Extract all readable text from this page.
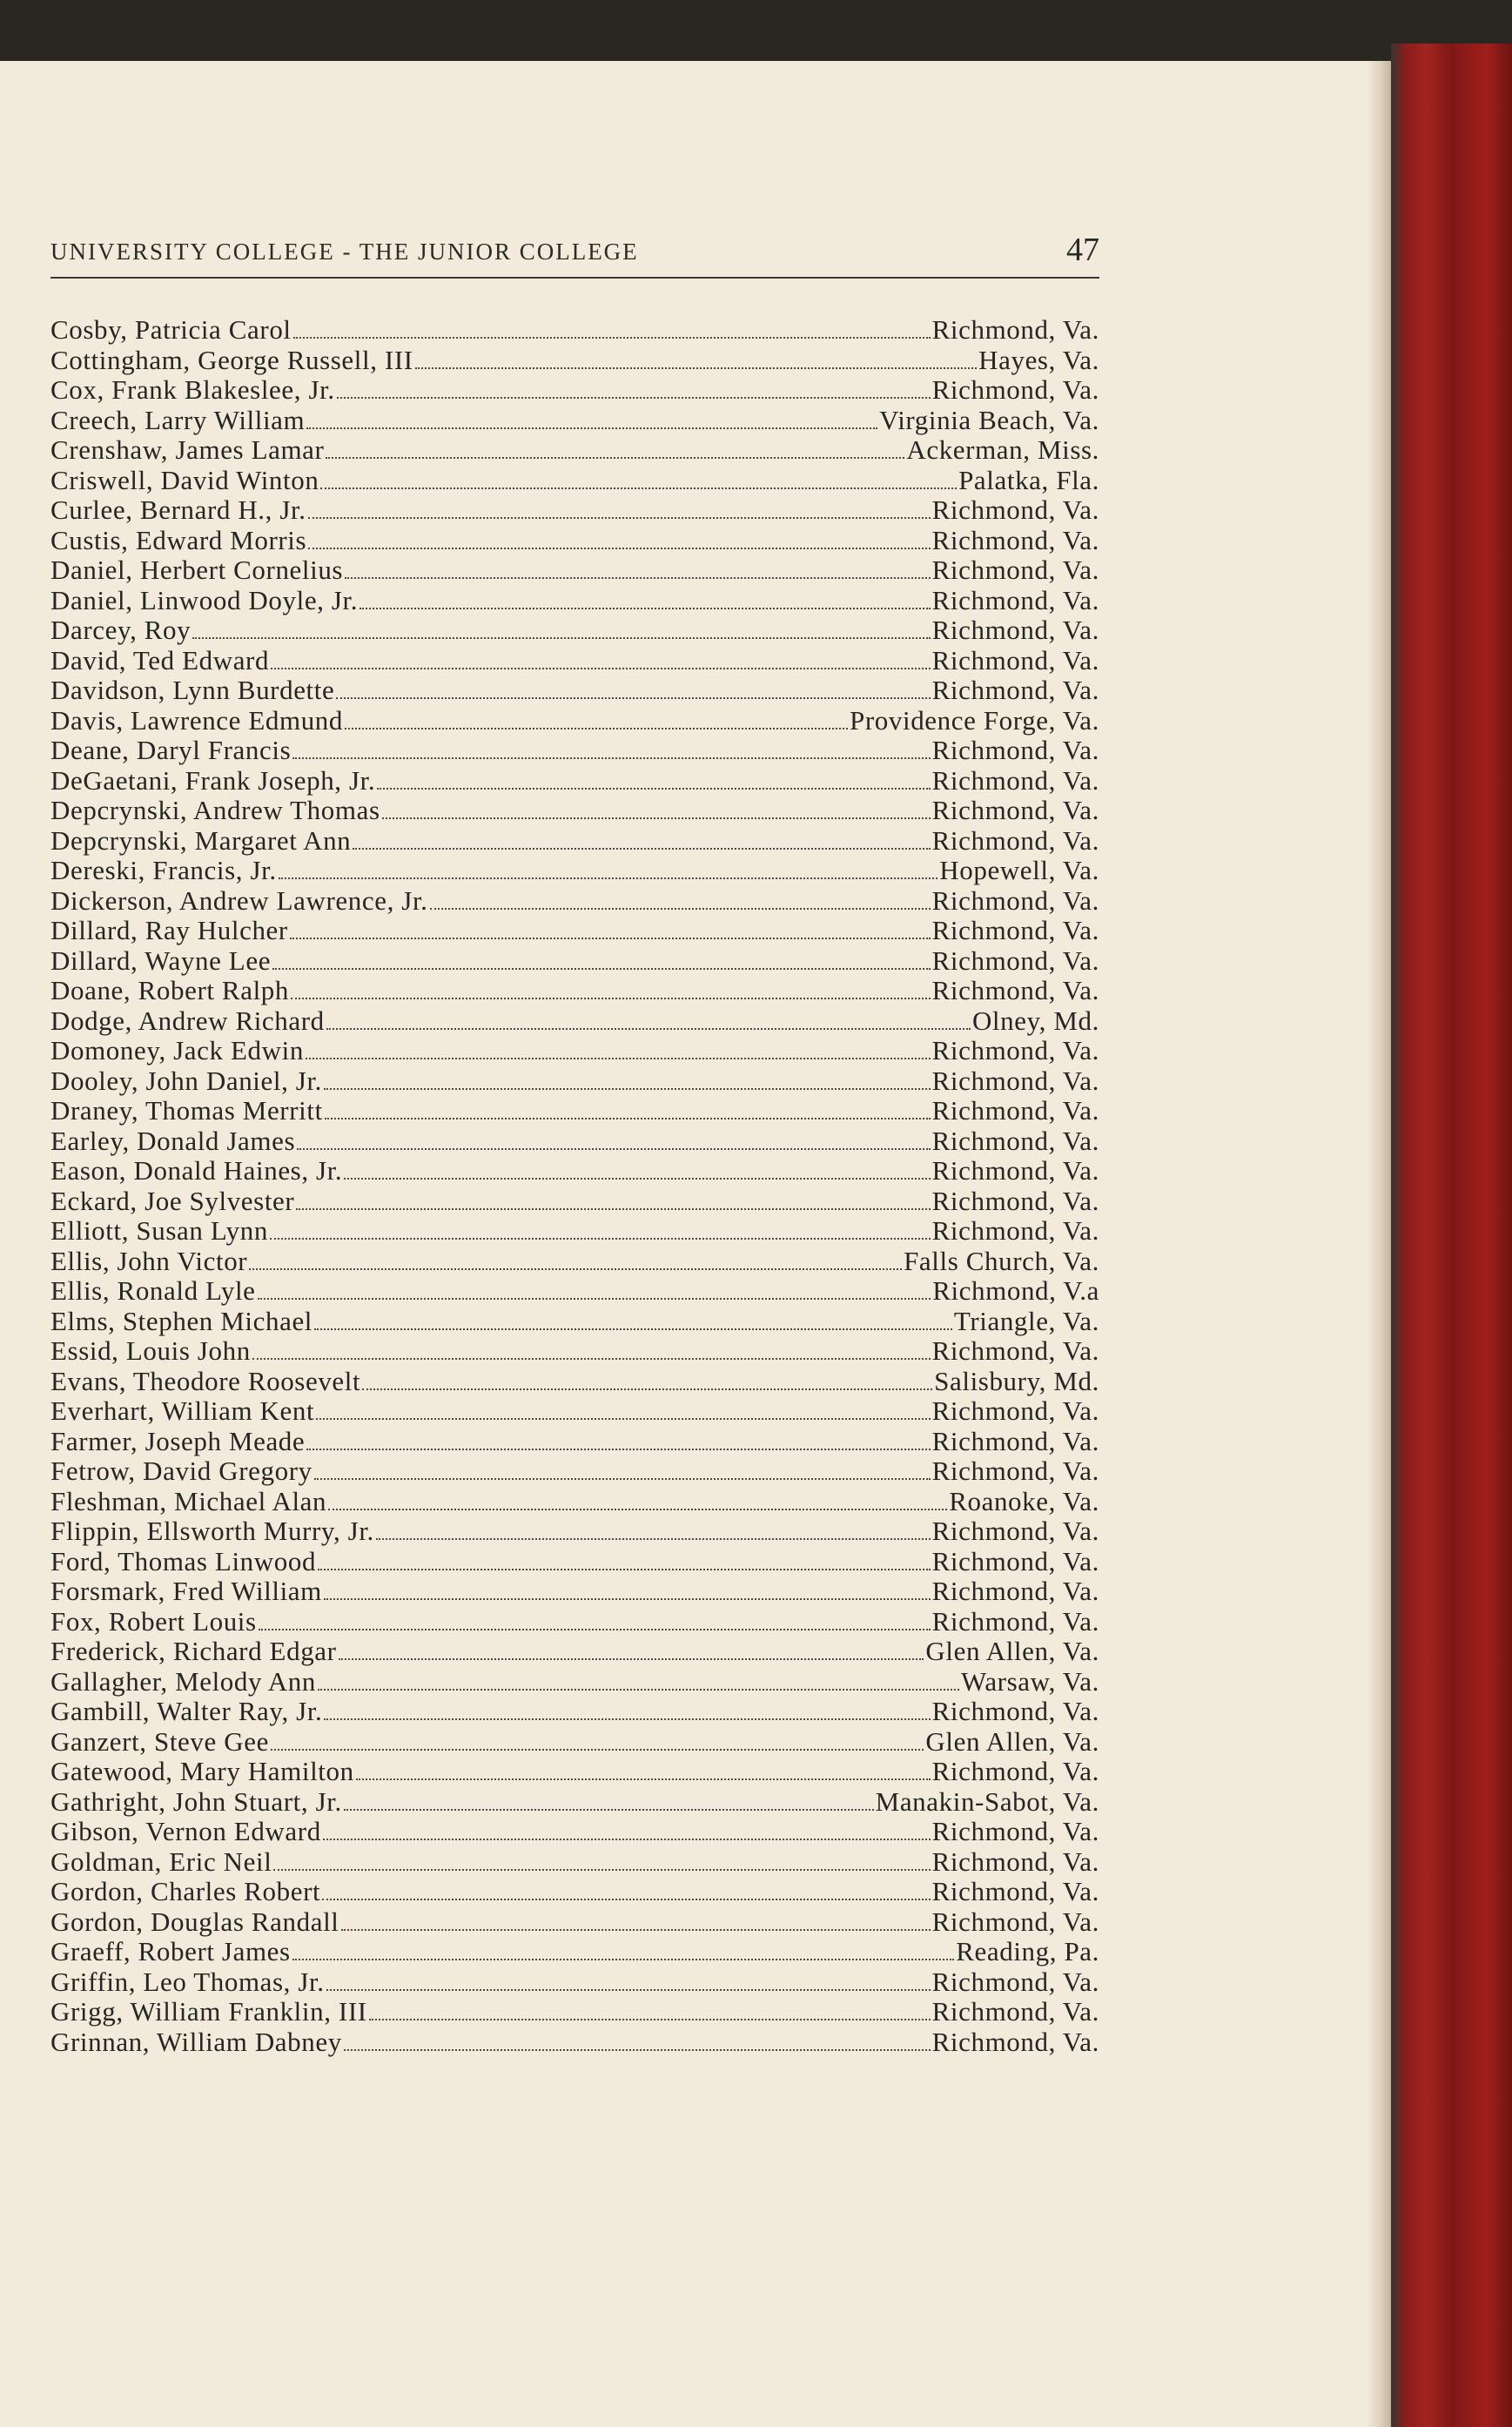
UNIVERSITY COLLEGE - THE JUNIOR COLLEGE	47
Cosby, Patricia Carol	Richmond, Va.
Cottingham, George Russell, III	Hayes, Va.
Cox, Frank Blakeslee, Jr.	Richmond, Va.
Creech, Larry William	Virginia Beach, Va.
Crenshaw, James Lamar	Ackerman, Miss.
Criswell, David Winton	Palatka, Fla.
Curlee, Bernard H., Jr.	Richmond, Va.
Custis, Edward Morris	Richmond, Va.
Daniel, Herbert Cornelius	Richmond, Va.
Daniel, Linwood Doyle, Jr.	Richmond, Va.
Darcey, Roy	Richmond, Va.
David, Ted Edward	Richmond, Va.
Davidson, Lynn Burdette	Richmond, Va.
Davis, Lawrence Edmund	Providence Forge, Va.
Deane, Daryl Francis	Richmond, Va.
DeGaetani, Frank Joseph, Jr.	Richmond, Va.
Depcrynski, Andrew Thomas	Richmond, Va.
Depcrynski, Margaret Ann	Richmond, Va.
Dereski, Francis, Jr.	Hopewell, Va.
Dickerson, Andrew Lawrence, Jr.	Richmond, Va.
Dillard, Ray Hulcher	Richmond, Va.
Dillard, Wayne Lee	Richmond, Va.
Doane, Robert Ralph	Richmond, Va.
Dodge, Andrew Richard	Olney, Md.
Domoney, Jack Edwin	Richmond, Va.
Dooley, John Daniel, Jr.	Richmond, Va.
Draney, Thomas Merritt	Richmond, Va.
Earley, Donald James	Richmond, Va.
Eason, Donald Haines, Jr.	Richmond, Va.
Eckard, Joe Sylvester	Richmond, Va.
Elliott, Susan Lynn	Richmond, Va.
Ellis, John Victor	Falls Church, Va.
Ellis, Ronald Lyle	Richmond, V.a
Elms, Stephen Michael	Triangle, Va.
Essid, Louis John	Richmond, Va.
Evans, Theodore Roosevelt	Salisbury, Md.
Everhart, William Kent	Richmond, Va.
Farmer, Joseph Meade	Richmond, Va.
Fetrow, David Gregory	Richmond, Va.
Fleshman, Michael Alan	Roanoke, Va.
Flippin, Ellsworth Murry, Jr.	Richmond, Va.
Ford, Thomas Linwood	Richmond, Va.
Forsmark, Fred William	Richmond, Va.
Fox, Robert Louis	Richmond, Va.
Frederick, Richard Edgar	Glen Allen, Va.
Gallagher, Melody Ann	Warsaw, Va.
Gambill, Walter Ray, Jr.	Richmond, Va.
Ganzert, Steve Gee	Glen Allen, Va.
Gatewood, Mary Hamilton	Richmond, Va.
Gathright, John Stuart, Jr.	Manakin-Sabot, Va.
Gibson, Vernon Edward	Richmond, Va.
Goldman, Eric Neil	Richmond, Va.
Gordon, Charles Robert	Richmond, Va.
Gordon, Douglas Randall	Richmond, Va.
Graeff, Robert James	Reading, Pa.
Griffin, Leo Thomas, Jr.	Richmond, Va.
Grigg, William Franklin, III	Richmond, Va.
Grinnan, William Dabney	Richmond, Va.
